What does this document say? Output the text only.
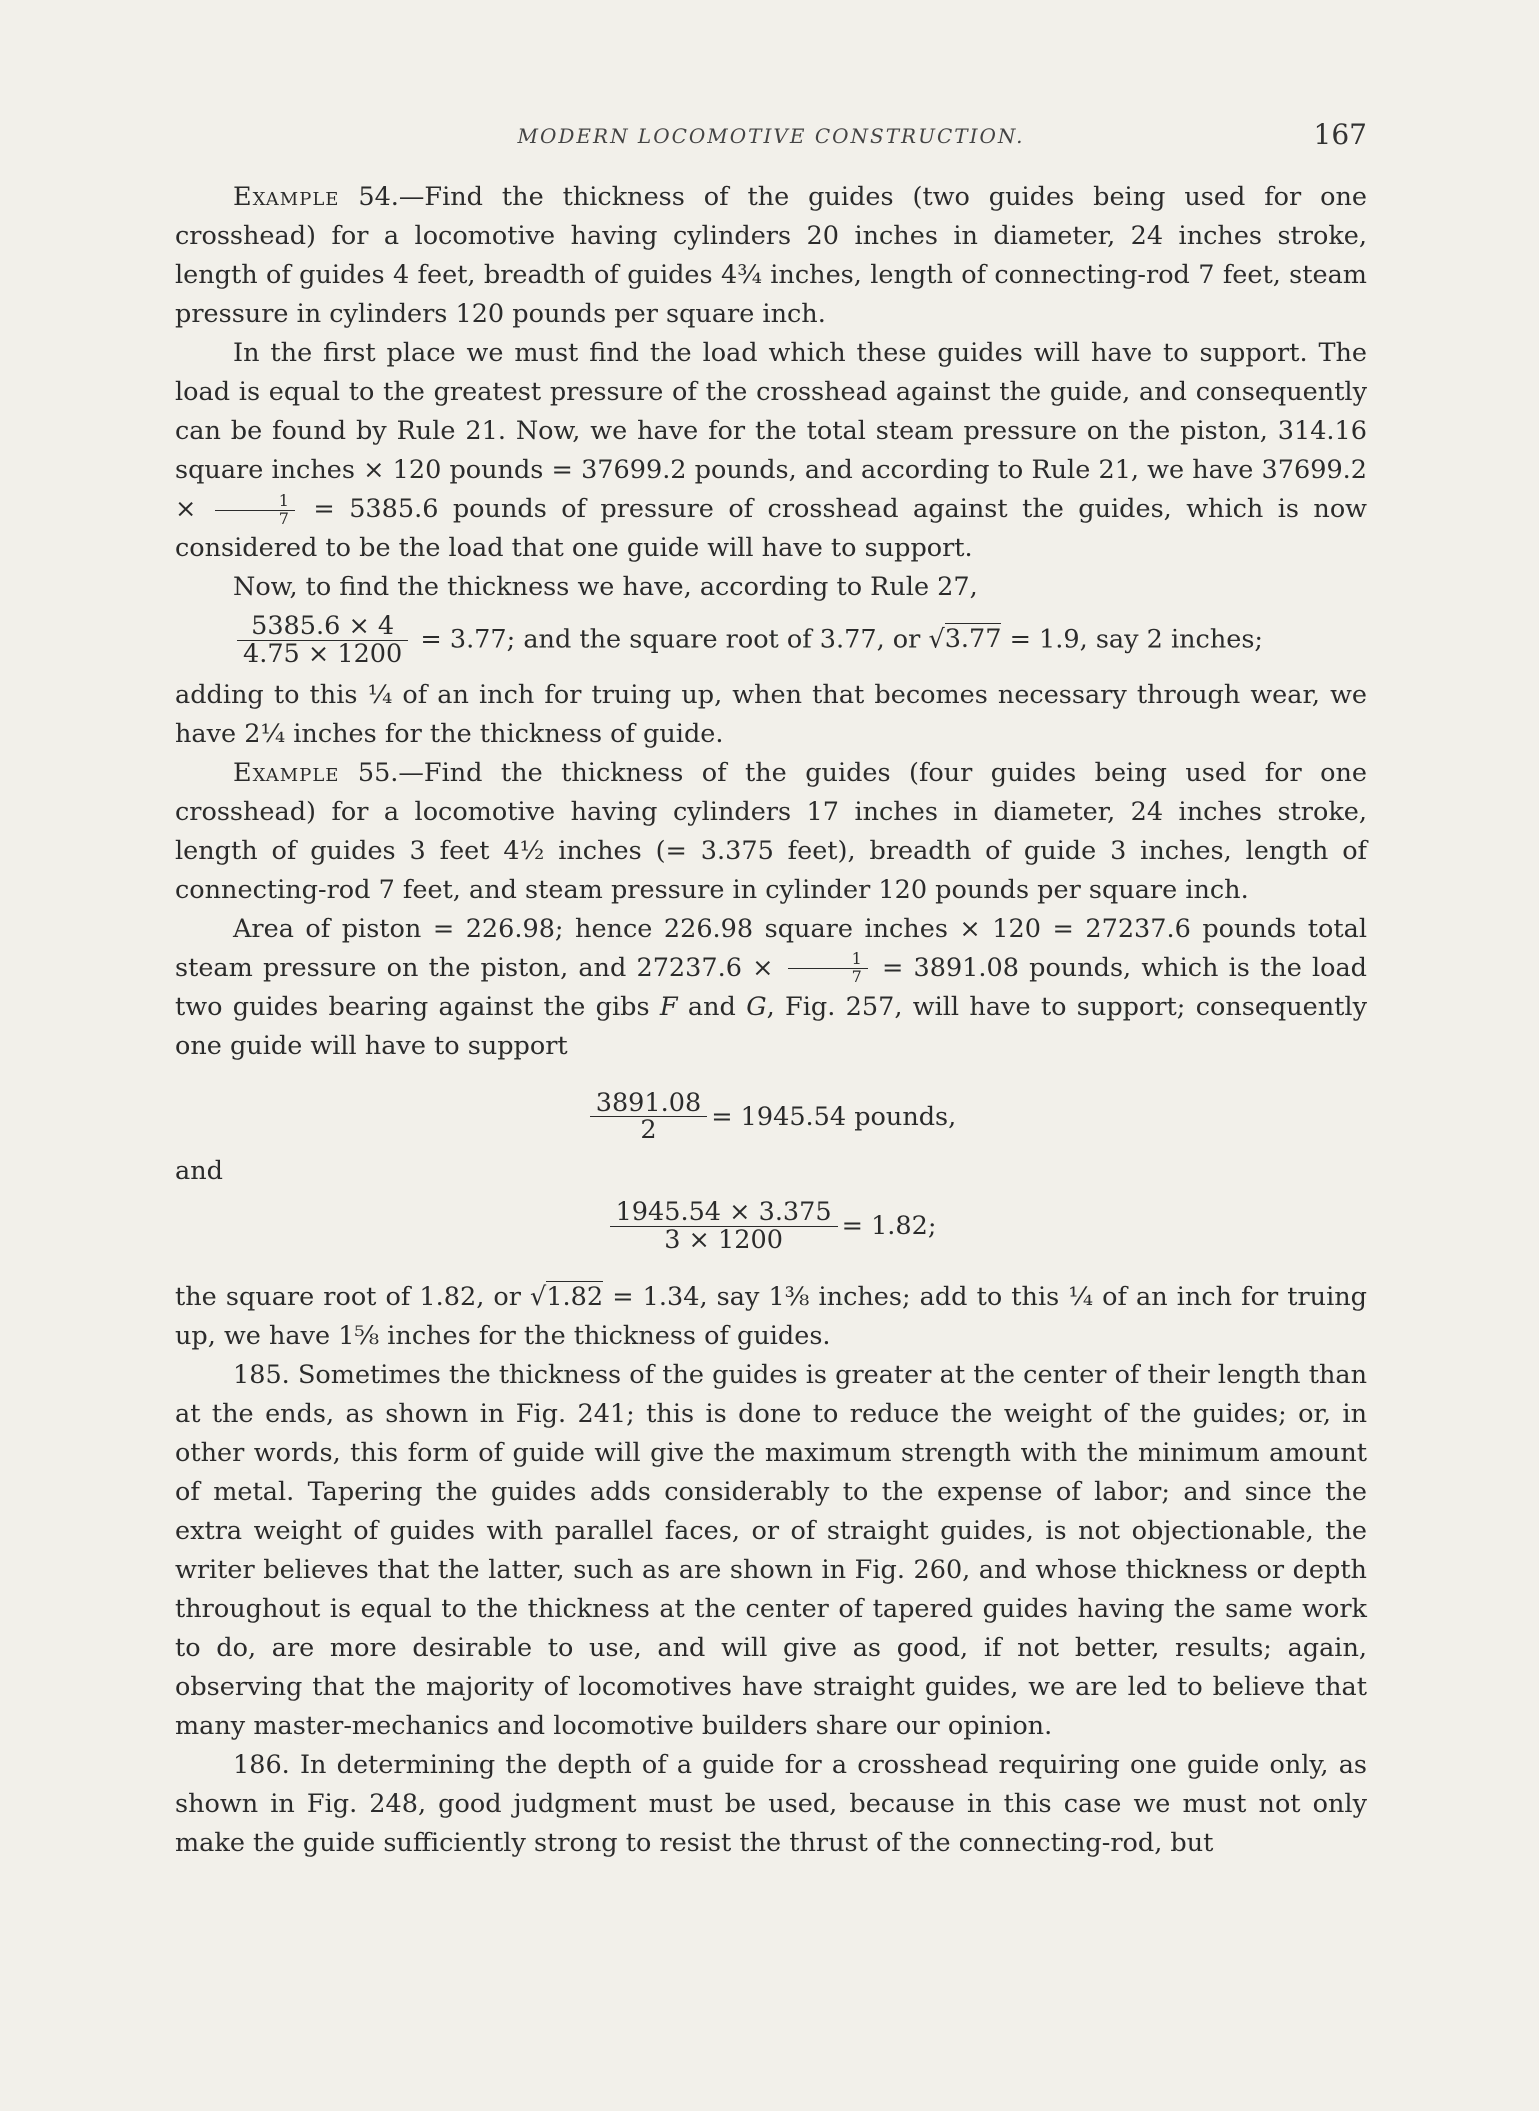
MODERN LOCOMOTIVE CONSTRUCTION.	167

Example 54.—Find the thickness of the guides (two guides being used for one crosshead) for a locomotive having cylinders 20 inches in diameter, 24 inches stroke, length of guides 4 feet, breadth of guides 4¾ inches, length of connecting-rod 7 feet, steam pressure in cylinders 120 pounds per square inch.

In the first place we must find the load which these guides will have to support. The load is equal to the greatest pressure of the crosshead against the guide, and consequently can be found by Rule 21. Now, we have for the total steam pressure on the piston, 314.16 square inches × 120 pounds = 37699.2 pounds, and according to Rule 21, we have $37699.2 \times \frac{1}{7} = 5385.6$ pounds of pressure of crosshead against the guides, which is now considered to be the load that one guide will have to support.

Now, to find the thickness we have, according to Rule 27,

$\frac{5385.6 \times 4}{4.75 \times 1200} = 3.77$; and the square root of 3.77, or √3.77 = 1.9, say 2 inches;

adding to this ¼ of an inch for truing up, when that becomes necessary through wear, we have 2¼ inches for the thickness of guide.

Example 55.—Find the thickness of the guides (four guides being used for one crosshead) for a locomotive having cylinders 17 inches in diameter, 24 inches stroke, length of guides 3 feet 4½ inches (= 3.375 feet), breadth of guide 3 inches, length of connecting-rod 7 feet, and steam pressure in cylinder 120 pounds per square inch.

Area of piston = 226.98; hence 226.98 square inches × 120 = 27237.6 pounds total steam pressure on the piston, and $27237.6 \times \frac{1}{7} = 3891.08$ pounds, which is the load two guides bearing against the gibs F and G, Fig. 257, will have to support; consequently one guide will have to support

$\frac{3891.08}{2} = 1945.54$ pounds,

and

$\frac{1945.54 \times 3.375}{3 \times 1200} = 1.82$;

the square root of 1.82, or √1.82 = 1.34, say 1⅜ inches; add to this ¼ of an inch for truing up, we have 1⅝ inches for the thickness of guides.

185. Sometimes the thickness of the guides is greater at the center of their length than at the ends, as shown in Fig. 241; this is done to reduce the weight of the guides; or, in other words, this form of guide will give the maximum strength with the minimum amount of metal. Tapering the guides adds considerably to the expense of labor; and since the extra weight of guides with parallel faces, or of straight guides, is not objectionable, the writer believes that the latter, such as are shown in Fig. 260, and whose thickness or depth throughout is equal to the thickness at the center of tapered guides having the same work to do, are more desirable to use, and will give as good, if not better, results; again, observing that the majority of locomotives have straight guides, we are led to believe that many master-mechanics and locomotive builders share our opinion.

186. In determining the depth of a guide for a crosshead requiring one guide only, as shown in Fig. 248, good judgment must be used, because in this case we must not only make the guide sufficiently strong to resist the thrust of the connecting-rod, but
